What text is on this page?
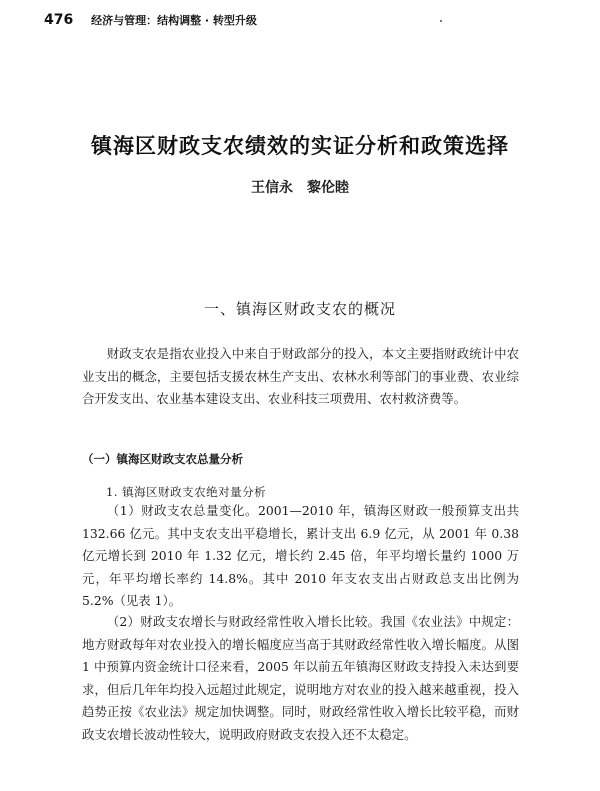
476 经济与管理：结构调整 · 转型升级
镇海区财政支农绩效的实证分析和政策选择
王信永　黎伦睦
一、镇海区财政支农的概况

财政支农是指农业投入中来自于财政部分的投入，本文主要指财政统计中农业支出的概念，主要包括支援农林生产支出、农林水利等部门的事业费、农业综合开发支出、农业基本建设支出、农业科技三项费用、农村救济费等。

（一）镇海区财政支农总量分析
1. 镇海区财政支农绝对量分析

（1）财政支农总量变化。2001—2010 年，镇海区财政一般预算支出共 132.66 亿元。其中支农支出平稳增长，累计支出 6.9 亿元，从 2001 年 0.38 亿元增长到 2010 年 1.32 亿元，增长约 2.45 倍，年平均增长量约 1000 万元，年平均增长率约 14.8%。其中 2010 年支农支出占财政总支出比例为 5.2%（见表 1）。

（2）财政支农增长与财政经常性收入增长比较。我国《农业法》中规定：地方财政每年对农业投入的增长幅度应当高于其财政经常性收入增长幅度。从图 1 中预算内资金统计口径来看，2005 年以前五年镇海区财政支持投入未达到要求，但后几年年均投入远超过此规定，说明地方对农业的投入越来越重视，投入趋势正按《农业法》规定加快调整。同时，财政经常性收入增长比较平稳，而财政支农增长波动性较大，说明政府财政支农投入还不太稳定。
